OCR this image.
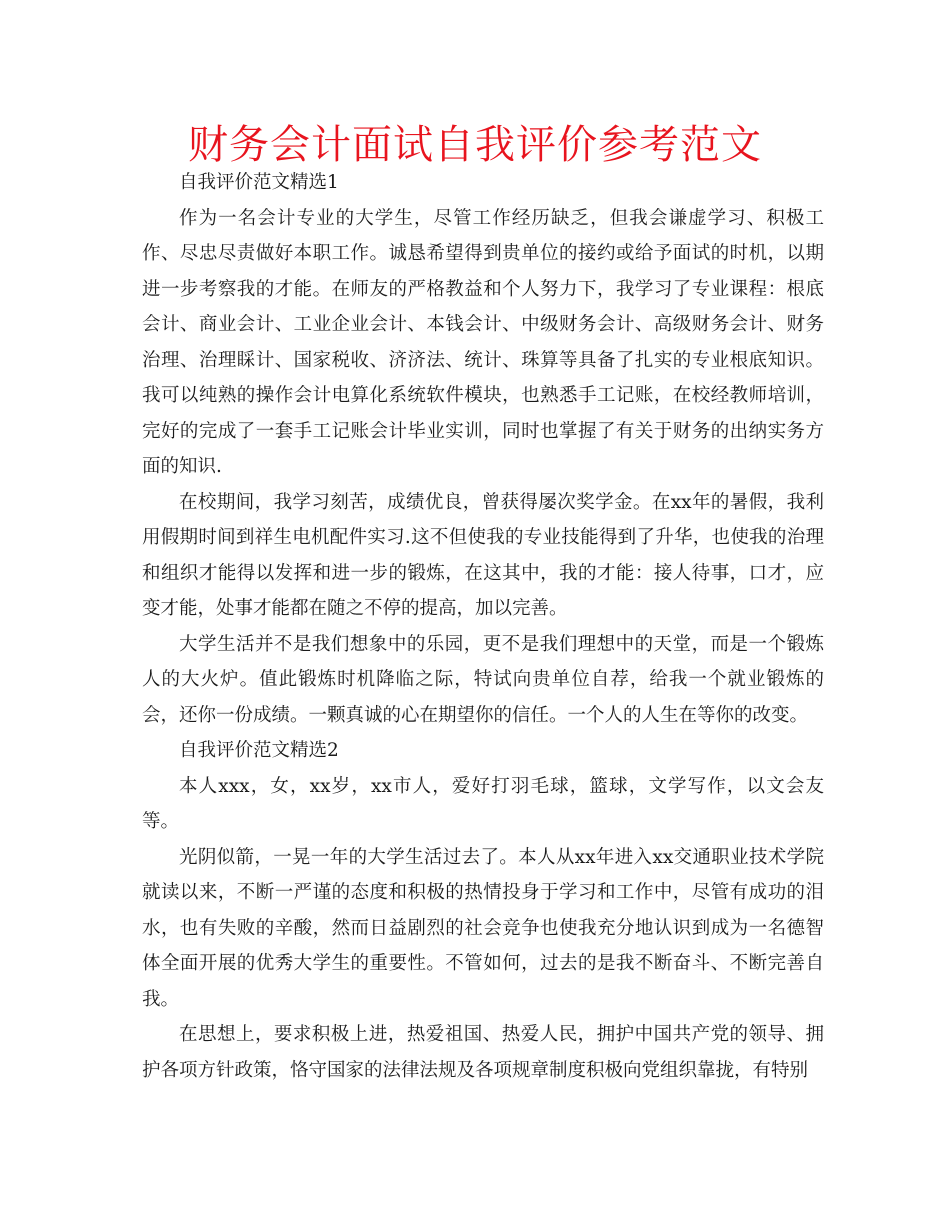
财务会计面试自我评价参考范文

自我评价范文精选1

作为一名会计专业的大学生，尽管工作经历缺乏，但我会谦虚学习、积极工作、尽忠尽责做好本职工作。诚恳希望得到贵单位的接约或给予面试的时机，以期进一步考察我的才能。在师友的严格教益和个人努力下，我学习了专业课程：根底会计、商业会计、工业企业会计、本钱会计、中级财务会计、高级财务会计、财务治理、治理睬计、国家税收、济济法、统计、珠算等具备了扎实的专业根底知识。我可以纯熟的操作会计电算化系统软件模块，也熟悉手工记账，在校经教师培训，完好的完成了一套手工记账会计毕业实训，同时也掌握了有关于财务的出纳实务方面的知识.

在校期间，我学习刻苦，成绩优良，曾获得屡次奖学金。在xx年的暑假，我利用假期时间到祥生电机配件实习.这不但使我的专业技能得到了升华，也使我的治理和组织才能得以发挥和进一步的锻炼，在这其中，我的才能：接人待事，口才，应变才能，处事才能都在随之不停的提高，加以完善。

大学生活并不是我们想象中的乐园，更不是我们理想中的天堂，而是一个锻炼人的大火炉。值此锻炼时机降临之际，特试向贵单位自荐，给我一个就业锻炼的会，还你一份成绩。一颗真诚的心在期望你的信任。一个人的人生在等你的改变。

自我评价范文精选2

本人xxx，女，xx岁，xx市人，爱好打羽毛球，篮球，文学写作，以文会友等。

光阴似箭，一晃一年的大学生活过去了。本人从xx年进入xx交通职业技术学院就读以来，不断一严谨的态度和积极的热情投身于学习和工作中，尽管有成功的泪水，也有失败的辛酸，然而日益剧烈的社会竞争也使我充分地认识到成为一名德智体全面开展的优秀大学生的重要性。不管如何，过去的是我不断奋斗、不断完善自我。

在思想上，要求积极上进，热爱祖国、热爱人民，拥护中国共产党的领导、拥护各项方针政策，恪守国家的法律法规及各项规章制度积极向党组织靠拢，有特别
